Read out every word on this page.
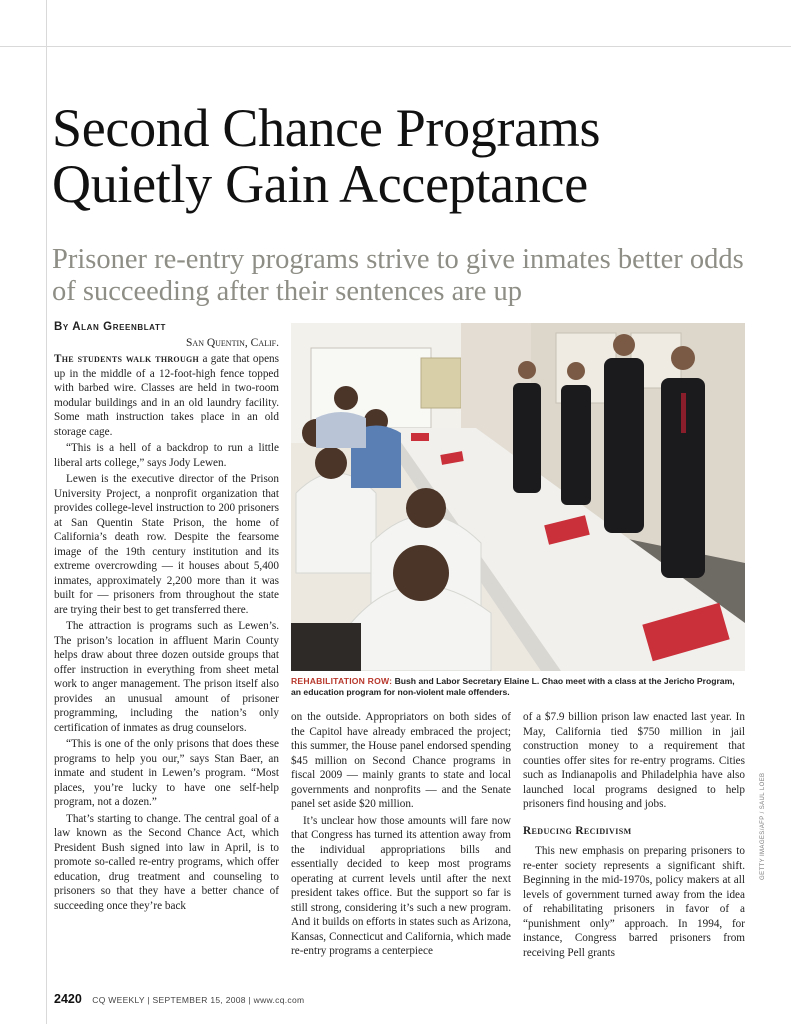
Second Chance Programs Quietly Gain Acceptance
Prisoner re-entry programs strive to give inmates better odds of succeeding after their sentences are up
By Alan Greenblatt

San Quentin, Calif.

The students walk through a gate that opens up in the middle of a 12-foot-high fence topped with barbed wire. Classes are held in two-room modular buildings and in an old laundry facility. Some math instruction takes place in an old storage cage.

“This is a hell of a backdrop to run a little liberal arts college,” says Jody Lewen.

Lewen is the executive director of the Prison University Project, a nonprofit organization that provides college-level instruction to 200 prisoners at San Quentin State Prison, the home of California’s death row. Despite the fearsome image of the 19th century institution and its extreme overcrowding — it houses about 5,400 inmates, approximately 2,200 more than it was built for — prisoners from throughout the state are trying their best to get transferred there.

The attraction is programs such as Lewen’s. The prison’s location in affluent Marin County helps draw about three dozen outside groups that offer instruction in everything from sheet metal work to anger management. The prison itself also provides an unusual amount of prisoner programming, including the nation’s only certification of inmates as drug counselors.

“This is one of the only prisons that does these programs to help you our,” says Stan Baer, an inmate and student in Lewen’s program. “Most places, you’re lucky to have one self-help program, not a dozen.”

That’s starting to change. The central goal of a law known as the Second Chance Act, which President Bush signed into law in April, is to promote so-called re-entry programs, which offer education, drug treatment and counseling to prisoners so that they have a better chance of succeeding once they’re back

REHABILITATION ROW: Bush and Labor Secretary Elaine L. Chao meet with a class at the Jericho Program, an education program for non-violent male offenders.
GETTY IMAGES/AFP / SAUL LOEB

on the outside. Appropriators on both sides of the Capitol have already embraced the project; this summer, the House panel endorsed spending $45 million on Second Chance programs in fiscal 2009 — mainly grants to state and local governments and nonprofits — and the Senate panel set aside $20 million.

It’s unclear how those amounts will fare now that Congress has turned its attention away from the individual appropriations bills and essentially decided to keep most programs operating at current levels until after the next president takes office. But the support so far is still strong, considering it’s such a new program. And it builds on efforts in states such as Arizona, Kansas, Connecticut and California, which made re-entry programs a centerpiece

of a $7.9 billion prison law enacted last year. In May, California tied $750 million in jail construction money to a requirement that counties offer sites for re-entry programs. Cities such as Indianapolis and Philadelphia have also launched local programs designed to help prisoners find housing and jobs.

Reducing Recidivism

This new emphasis on preparing prisoners to re-enter society represents a significant shift. Beginning in the mid-1970s, policy makers at all levels of government turned away from the idea of rehabilitating prisoners in favor of a “punishment only” approach. In 1994, for instance, Congress barred prisoners from receiving Pell grants

2420 CQ WEEKLY | SEPTEMBER 15, 2008 | www.cq.com
